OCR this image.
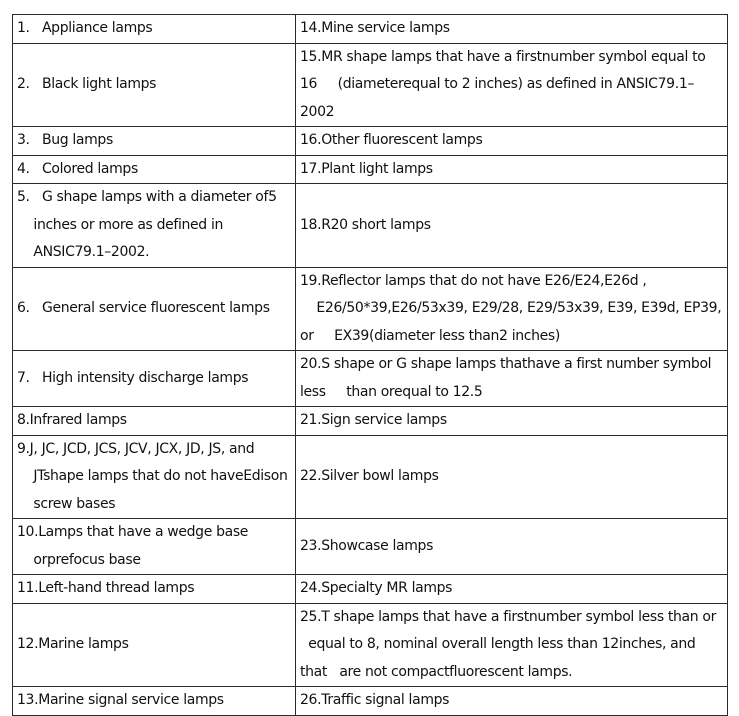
1.   Appliance lamps	14.Mine service lamps

2.   Black light lamps	15.MR shape lamps that have a firstnumber symbol equal to 16     (diameterequal to 2 inches) as defined in ANSIC79.1–2002

3.   Bug lamps	16.Other fluorescent lamps

4.   Colored lamps	17.Plant light lamps

5.   G shape lamps with a diameter of5     inches or more as defined in     ANSIC79.1–2002.	18.R20 short lamps

6.   General service fluorescent lamps	19.Reflector lamps that do not have E26/E24,E26d ,     E26/50*39,E26/53x39, E29/28, E29/53x39, E39, E39d, EP39, or     EX39(diameter less than2 inches)

7.   High intensity discharge lamps	20.S shape or G shape lamps thathave a first number symbol less     than orequal to 12.5

8.Infrared lamps	21.Sign service lamps

9.J, JC, JCD, JCS, JCV, JCX, JD, JS, and     JTshape lamps that do not haveEdison     screw bases	22.Silver bowl lamps

10.Lamps that have a wedge base     orprefocus base	23.Showcase lamps

11.Left-hand thread lamps	24.Specialty MR lamps

12.Marine lamps	25.T shape lamps that have a firstnumber symbol less than or   equal to 8, nominal overall length less than 12inches, and that   are not compactfluorescent lamps.

13.Marine signal service lamps	26.Traffic signal lamps
